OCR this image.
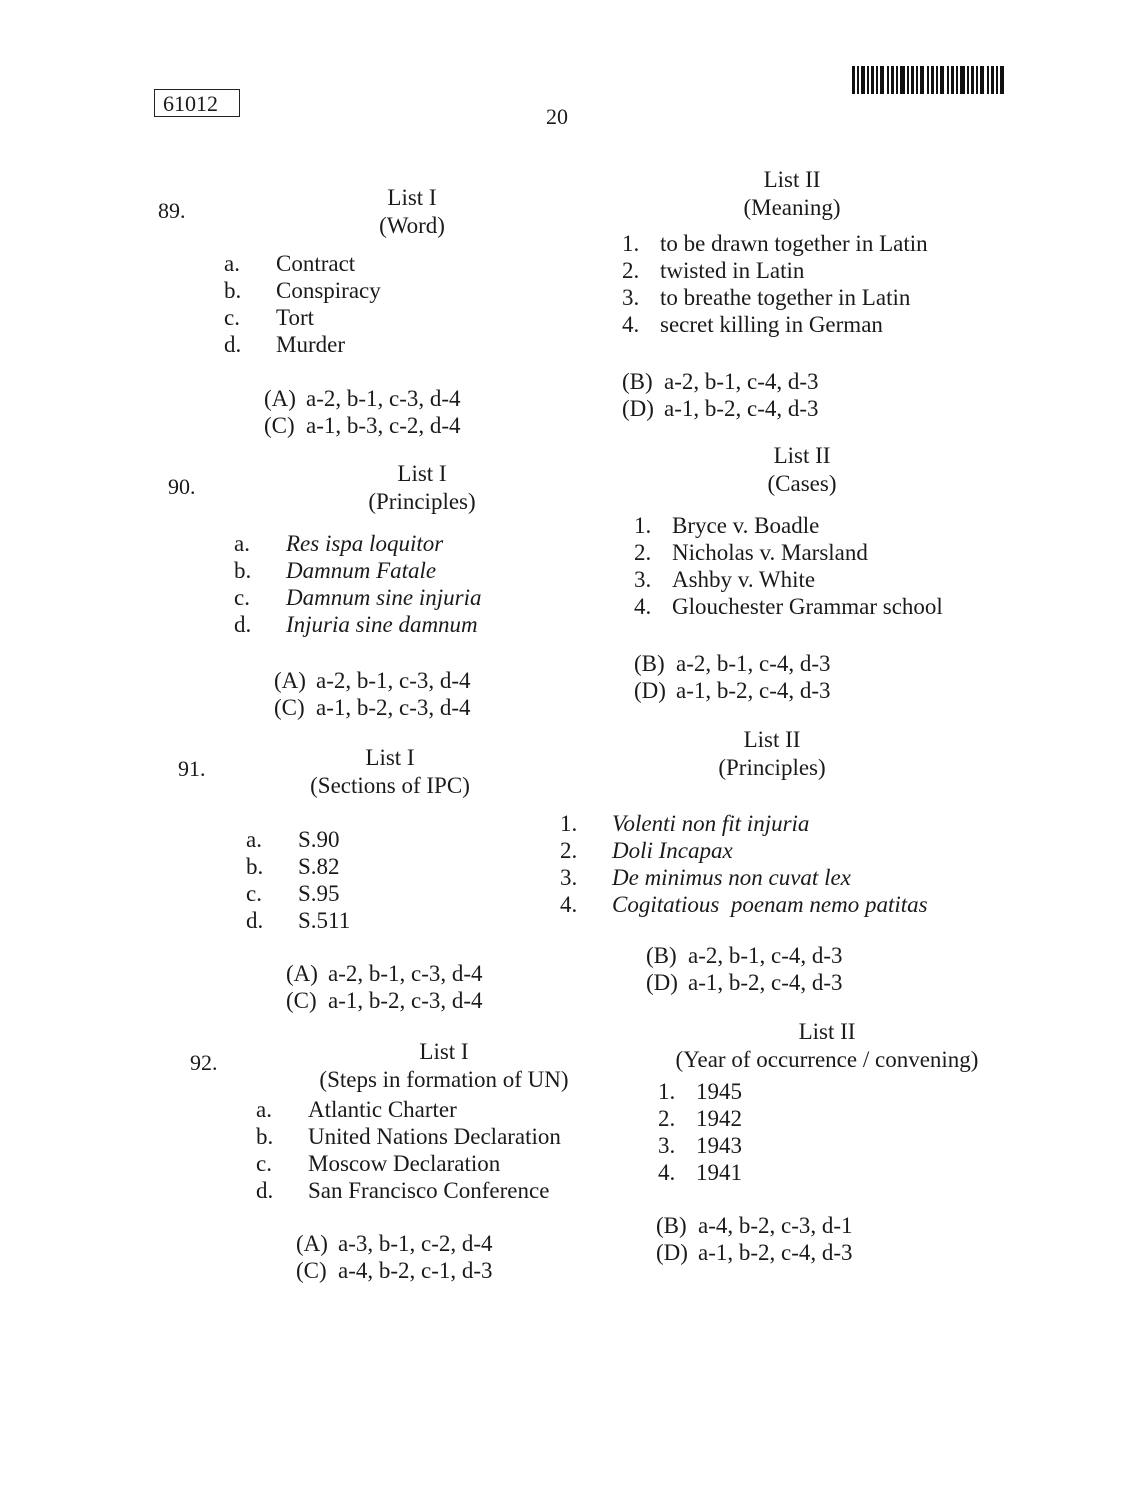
61012
20
89.
List I
(Word)
List II
(Meaning)
a. Contract
b. Conspiracy
c. Tort
d. Murder
1. to be drawn together in Latin
2. twisted in Latin
3. to breathe together in Latin
4. secret killing in German
(A) a-2, b-1, c-3, d-4
(C) a-1, b-3, c-2, d-4
(B) a-2, b-1, c-4, d-3
(D) a-1, b-2, c-4, d-3
90.
List I
(Principles)
List II
(Cases)
a. Res ispa loquitor
b. Damnum Fatale
c. Damnum sine injuria
d. Injuria sine damnum
1. Bryce v. Boadle
2. Nicholas v. Marsland
3. Ashby v. White
4. Glouchester Grammar school
(A) a-2, b-1, c-3, d-4
(C) a-1, b-2, c-3, d-4
(B) a-2, b-1, c-4, d-3
(D) a-1, b-2, c-4, d-3
91.	List I
(Sections of IPC)
List II
(Principles)
a. S.90
b. S.82
c. S.95
d. S.511
1. Volenti non fit injuria
2. Doli Incapax
3. De minimus non cuvat lex
4. Cogitatious  poenam nemo patitas
(A) a-2, b-1, c-3, d-4
(C) a-1, b-2, c-3, d-4
(B) a-2, b-1, c-4, d-3
(D) a-1, b-2, c-4, d-3
92.	List I
(Steps in formation of UN)
List II
(Year of occurrence / convening)
a. Atlantic Charter
b. United Nations Declaration
c. Moscow Declaration
d. San Francisco Conference
1. 1945
2. 1942
3. 1943
4. 1941
(A) a-3, b-1, c-2, d-4
(C) a-4, b-2, c-1, d-3
(B) a-4, b-2, c-3, d-1
(D) a-1, b-2, c-4, d-3
